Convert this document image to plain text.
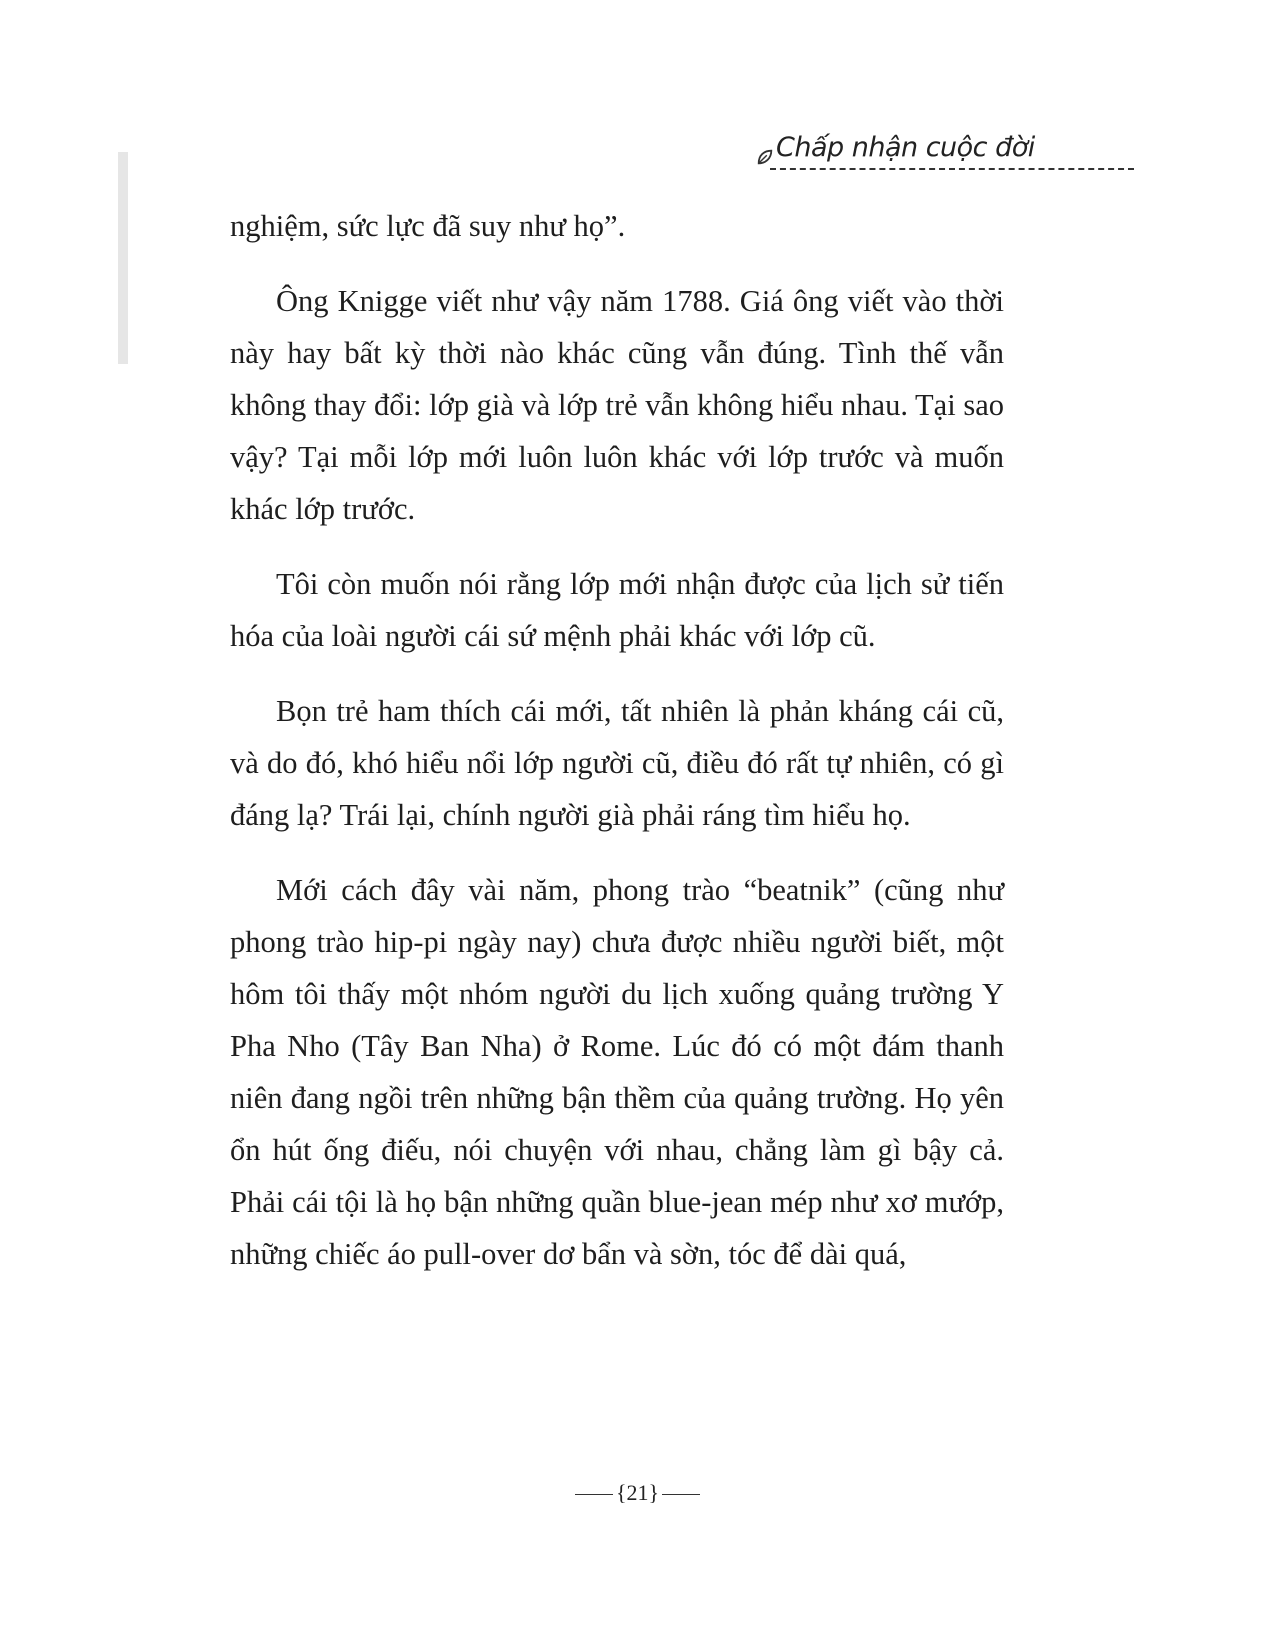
Chấp nhận cuộc đời

nghiệm, sức lực đã suy như họ”.

Ông Knigge viết như vậy năm 1788. Giá ông viết vào thời này hay bất kỳ thời nào khác cũng vẫn đúng. Tình thế vẫn không thay đổi: lớp già và lớp trẻ vẫn không hiểu nhau. Tại sao vậy? Tại mỗi lớp mới luôn luôn khác với lớp trước và muốn khác lớp trước.

Tôi còn muốn nói rằng lớp mới nhận được của lịch sử tiến hóa của loài người cái sứ mệnh phải khác với lớp cũ.

Bọn trẻ ham thích cái mới, tất nhiên là phản kháng cái cũ, và do đó, khó hiểu nổi lớp người cũ, điều đó rất tự nhiên, có gì đáng lạ? Trái lại, chính người già phải ráng tìm hiểu họ.

Mới cách đây vài năm, phong trào “beatnik” (cũng như phong trào hip-pi ngày nay) chưa được nhiều người biết, một hôm tôi thấy một nhóm người du lịch xuống quảng trường Y Pha Nho (Tây Ban Nha) ở Rome. Lúc đó có một đám thanh niên đang ngồi trên những bận thềm của quảng trường. Họ yên ổn hút ống điếu, nói chuyện với nhau, chẳng làm gì bậy cả. Phải cái tội là họ bận những quần blue-jean mép như xơ mướp, những chiếc áo pull-over dơ bẩn và sờn, tóc để dài quá,

{21}
